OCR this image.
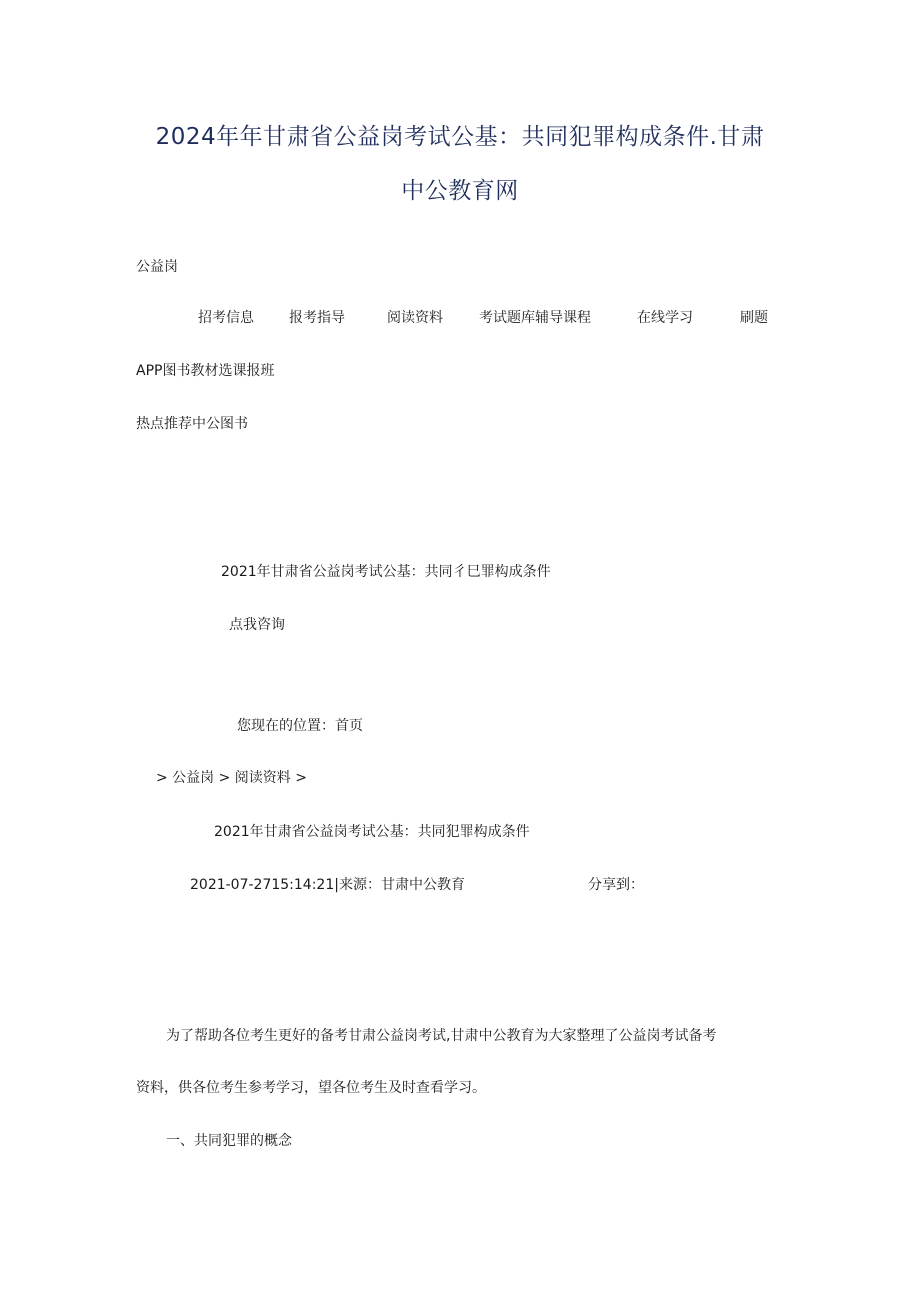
2024年年甘肃省公益岗考试公基：共同犯罪构成条件.甘肃
中公教育网
公益岗
招考信息	报考指导	阅读资料	考试题库辅导课程	在线学习	刷题
APP图书教材选课报班
热点推荐中公图书
2021年甘肃省公益岗考试公基：共同彳巳罪构成条件
点我咨询
您现在的位置：首页
> 公益岗 > 阅读资料 >
2021年甘肃省公益岗考试公基：共同犯罪构成条件
2021-07-2715:14:21|来源：甘肃中公教育	分享到：

为了帮助各位考生更好的备考甘肃公益岗考试,甘肃中公教育为大家整理了公益岗考试备考

资料，供各位考生参考学习，望各位考生及时查看学习。

一、共同犯罪的概念
